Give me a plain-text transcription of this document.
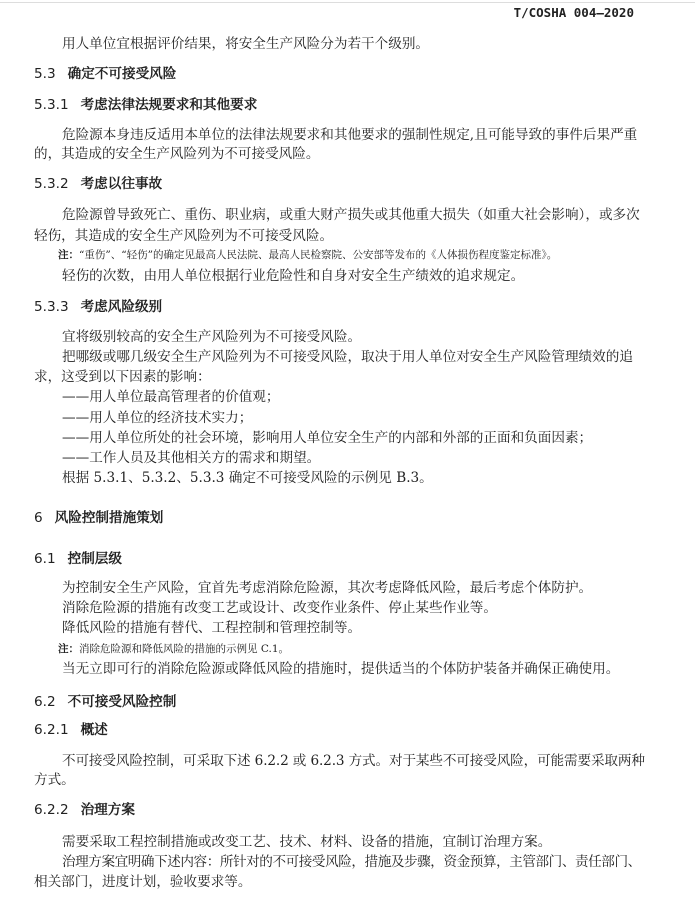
T/COSHA 004—2020
用人单位宜根据评价结果，将安全生产风险分为若干个级别。
5.3 确定不可接受风险
5.3.1 考虑法律法规要求和其他要求
危险源本身违反适用本单位的法律法规要求和其他要求的强制性规定,且可能导致的事件后果严重
的，其造成的安全生产风险列为不可接受风险。
5.3.2 考虑以往事故
危险源曾导致死亡、重伤、职业病，或重大财产损失或其他重大损失（如重大社会影响），或多次
轻伤，其造成的安全生产风险列为不可接受风险。
注：“重伤”、“轻伤”的确定见最高人民法院、最高人民检察院、公安部等发布的《人体损伤程度鉴定标准》。
轻伤的次数，由用人单位根据行业危险性和自身对安全生产绩效的追求规定。
5.3.3 考虑风险级别
宜将级别较高的安全生产风险列为不可接受风险。
把哪级或哪几级安全生产风险列为不可接受风险，取决于用人单位对安全生产风险管理绩效的追
求，这受到以下因素的影响：
——用人单位最高管理者的价值观；
——用人单位的经济技术实力；
——用人单位所处的社会环境，影响用人单位安全生产的内部和外部的正面和负面因素；
——工作人员及其他相关方的需求和期望。
根据 5.3.1、5.3.2、5.3.3 确定不可接受风险的示例见 B.3。
6 风险控制措施策划
6.1 控制层级
为控制安全生产风险，宜首先考虑消除危险源，其次考虑降低风险，最后考虑个体防护。
消除危险源的措施有改变工艺或设计、改变作业条件、停止某些作业等。
降低风险的措施有替代、工程控制和管理控制等。
注：消除危险源和降低风险的措施的示例见 C.1。
当无立即可行的消除危险源或降低风险的措施时，提供适当的个体防护装备并确保正确使用。
6.2 不可接受风险控制
6.2.1 概述
不可接受风险控制，可采取下述 6.2.2 或 6.2.3 方式。对于某些不可接受风险，可能需要采取两种
方式。
6.2.2 治理方案
需要采取工程控制措施或改变工艺、技术、材料、设备的措施，宜制订治理方案。
治理方案宜明确下述内容：所针对的不可接受风险，措施及步骤，资金预算，主管部门、责任部门、
相关部门，进度计划，验收要求等。
